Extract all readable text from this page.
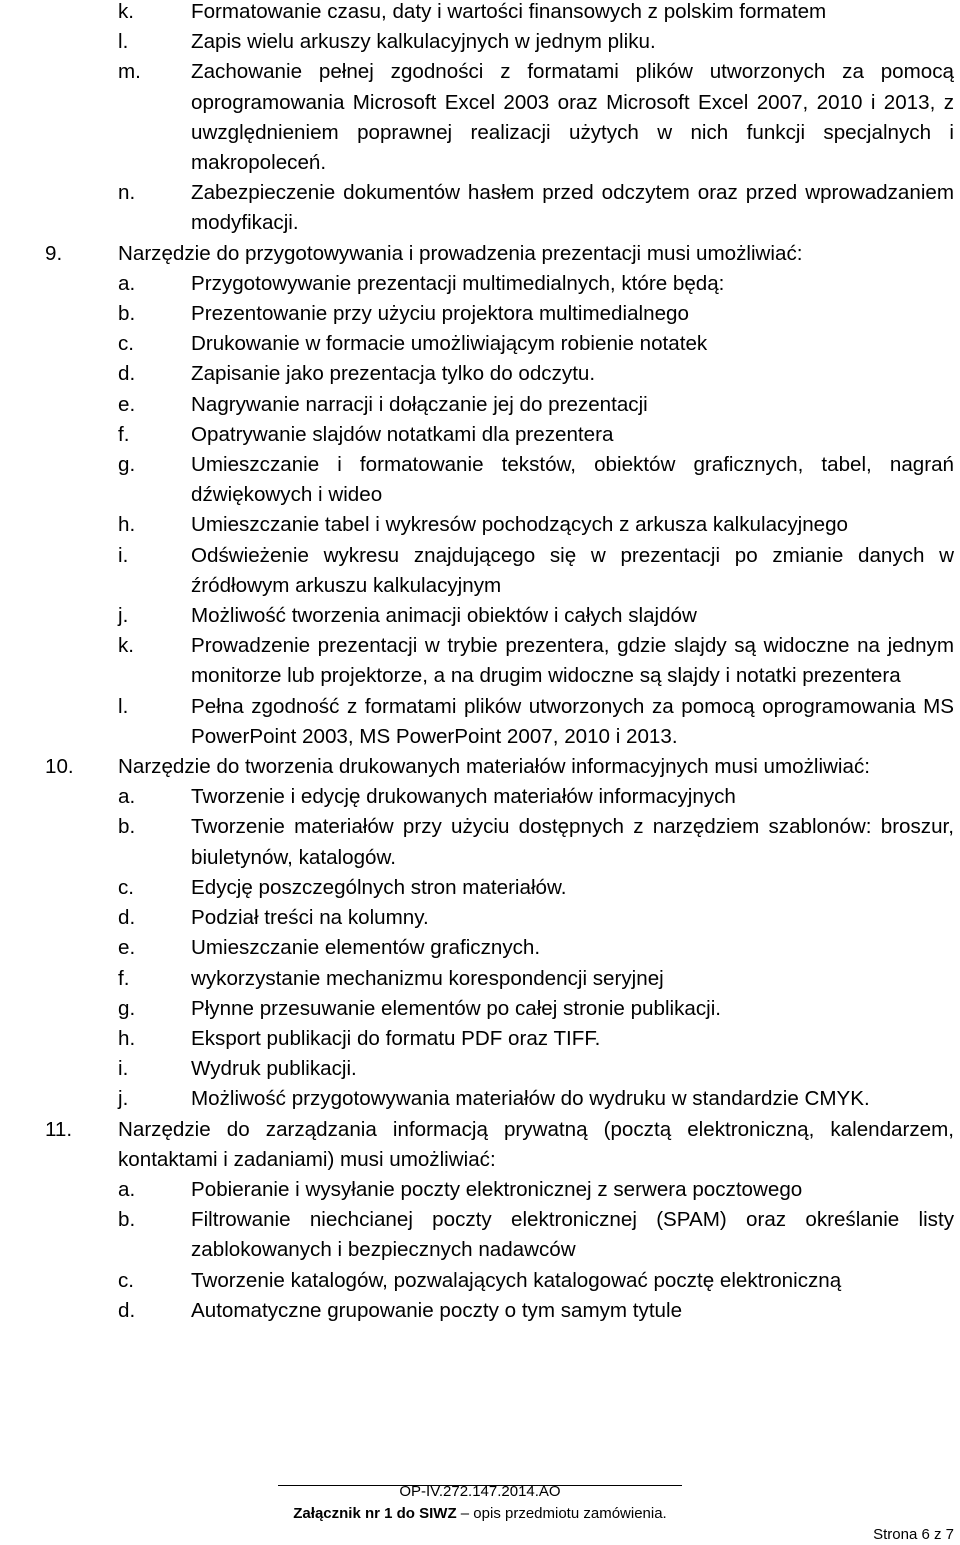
k.	Formatowanie czasu, daty i wartości finansowych z polskim formatem
l.	Zapis wielu arkuszy kalkulacyjnych w jednym pliku.
m. Zachowanie pełnej zgodności z formatami plików utworzonych za pomocą oprogramowania Microsoft Excel 2003 oraz Microsoft Excel 2007, 2010 i 2013, z uwzględnieniem poprawnej realizacji użytych w nich funkcji specjalnych i makropoleceń.
n.	Zabezpieczenie dokumentów hasłem przed odczytem oraz przed wprowadzaniem modyfikacji.
9.	Narzędzie do przygotowywania i prowadzenia prezentacji musi umożliwiać:
a.	Przygotowywanie prezentacji multimedialnych, które będą:
b.	Prezentowanie przy użyciu projektora multimedialnego
c.	Drukowanie w formacie umożliwiającym robienie notatek
d.	Zapisanie jako prezentacja tylko do odczytu.
e.	Nagrywanie narracji i dołączanie jej do prezentacji
f.	Opatrywanie slajdów notatkami dla prezentera
g.	Umieszczanie i formatowanie tekstów, obiektów graficznych, tabel, nagrań dźwiękowych i wideo
h.	Umieszczanie tabel i wykresów pochodzących z arkusza kalkulacyjnego
i.	Odświeżenie wykresu znajdującego się w prezentacji po zmianie danych w źródłowym arkuszu kalkulacyjnym
j.	Możliwość tworzenia animacji obiektów i całych slajdów
k.	Prowadzenie prezentacji w trybie prezentera, gdzie slajdy są widoczne na jednym monitorze lub projektorze, a na drugim widoczne są slajdy i notatki prezentera
l.	Pełna zgodność z formatami plików utworzonych za pomocą oprogramowania MS PowerPoint 2003, MS PowerPoint 2007, 2010 i 2013.
10. Narzędzie do tworzenia drukowanych materiałów informacyjnych musi umożliwiać:
a.	Tworzenie i edycję drukowanych materiałów informacyjnych
b.	Tworzenie materiałów przy użyciu dostępnych z narzędziem szablonów: broszur, biuletynów, katalogów.
c.	Edycję poszczególnych stron materiałów.
d.	Podział treści na kolumny.
e.	Umieszczanie elementów graficznych.
f.	wykorzystanie mechanizmu korespondencji seryjnej
g.	Płynne przesuwanie elementów po całej stronie publikacji.
h.	Eksport publikacji do formatu PDF oraz TIFF.
i.	Wydruk publikacji.
j.	Możliwość przygotowywania materiałów do wydruku w standardzie CMYK.
11. Narzędzie do zarządzania informacją prywatną (pocztą elektroniczną, kalendarzem, kontaktami i zadaniami) musi umożliwiać:
a.	Pobieranie i wysyłanie poczty elektronicznej z serwera pocztowego
b.	Filtrowanie niechcianej poczty elektronicznej (SPAM) oraz określanie listy zablokowanych i bezpiecznych nadawców
c.	Tworzenie katalogów, pozwalających katalogować pocztę elektroniczną
d.	Automatyczne grupowanie poczty o tym samym tytule
OP-IV.272.147.2014.AO
Załącznik nr 1 do SIWZ – opis przedmiotu zamówienia.
Strona 6 z 7
